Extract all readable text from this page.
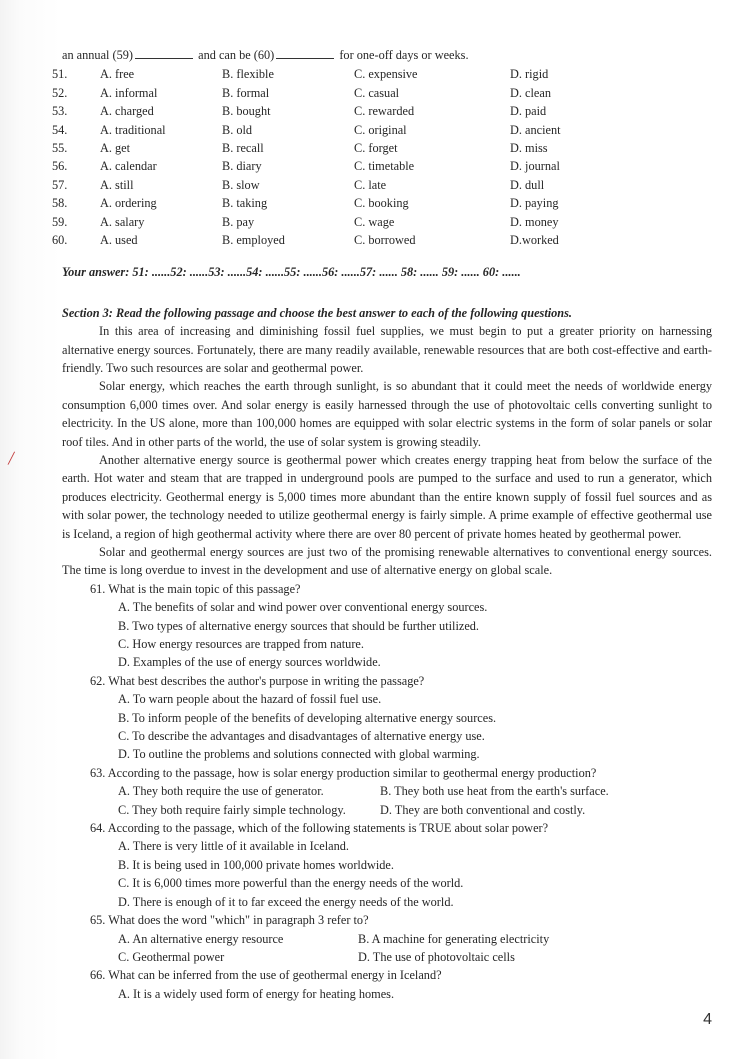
╱
an annual (59)	and can be (60)	for one-off days or weeks.
51.	A. free	B. flexible	C. expensive	D. rigid
52.	A. informal	B. formal	C. casual	D. clean
53.	A. charged	B. bought	C. rewarded	D. paid
54.	A. traditional	B. old	C. original	D. ancient
55.	A. get	B. recall	C. forget	D. miss
56.	A. calendar	B. diary	C. timetable	D. journal
57.	A. still	B. slow	C. late	D. dull
58.	A. ordering	B. taking	C. booking	D. paying
59.	A. salary	B. pay	C. wage	D. money
60.	A. used	B. employed	C. borrowed	D.worked
Your answer: 51: ......52: ......53: ......54: ......55: ......56: ......57: ...... 58: ...... 59: ...... 60: ......
Section 3: Read the following passage and choose the best answer to each of the following questions.
In this area of increasing and diminishing fossil fuel supplies, we must begin to put a greater priority on harnessing alternative energy sources. Fortunately, there are many readily available, renewable resources that are both cost-effective and earth-friendly. Two such resources are solar and geothermal power.
Solar energy, which reaches the earth through sunlight, is so abundant that it could meet the needs of worldwide energy consumption 6,000 times over. And solar energy is easily harnessed through the use of photovoltaic cells converting sunlight to electricity. In the US alone, more than 100,000 homes are equipped with solar electric systems in the form of solar panels or solar roof tiles. And in other parts of the world, the use of solar system is growing steadily.
Another alternative energy source is geothermal power which creates energy trapping heat from below the surface of the earth. Hot water and steam that are trapped in underground pools are pumped to the surface and used to run a generator, which produces electricity. Geothermal energy is 5,000 times more abundant than the entire known supply of fossil fuel sources and as with solar power, the technology needed to utilize geothermal energy is fairly simple. A prime example of effective geothermal use is Iceland, a region of high geothermal activity where there are over 80 percent of private homes heated by geothermal power.
Solar and geothermal energy sources are just two of the promising renewable alternatives to conventional energy sources. The time is long overdue to invest in the development and use of alternative energy on global scale.
61. What is the main topic of this passage?
A. The benefits of solar and wind power over conventional energy sources.
B. Two types of alternative energy sources that should be further utilized.
C. How energy resources are trapped from nature.
D. Examples of the use of energy sources worldwide.
62. What best describes the author's purpose in writing the passage?
A. To warn people about the hazard of fossil fuel use.
B. To inform people of the benefits of developing alternative energy sources.
C. To describe the advantages and disadvantages of alternative energy use.
D. To outline the problems and solutions connected with global warming.
63. According to the passage, how is solar energy production similar to geothermal energy production?
A. They both require the use of generator.	B. They both use heat from the earth's surface.
C. They both require fairly simple technology.	D. They are both conventional and costly.
64. According to the passage, which of the following statements is TRUE about solar power?
A. There is very little of it available in Iceland.
B. It is being used in 100,000 private homes worldwide.
C. It is 6,000 times more powerful than the energy needs of the world.
D. There is enough of it to far exceed the energy needs of the world.
65. What does the word "which" in paragraph 3 refer to?
A. An alternative energy resource	B. A machine for generating electricity
C. Geothermal power	D. The use of photovoltaic cells
66. What can be inferred from the use of geothermal energy in Iceland?
A. It is a widely used form of energy for heating homes.
4
